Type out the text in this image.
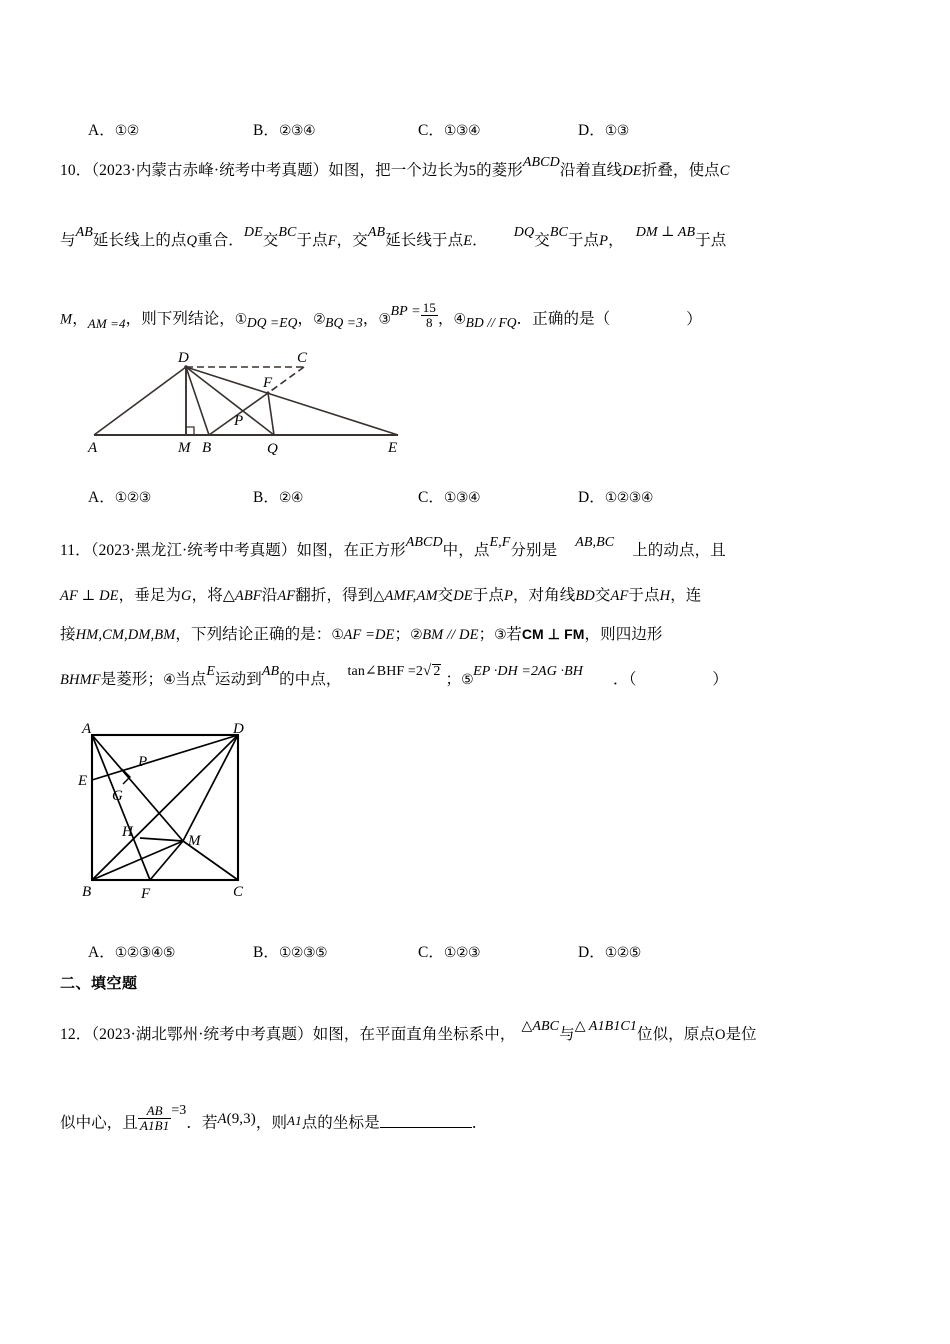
A．①②	B．②③④	C．①③④	D．①③
10．（2023·内蒙古赤峰·统考中考真题）如图，把一个边长为5的菱形ABCD沿着直线DE折叠，使点C
与AB延长线上的点Q重合．DE交BC于点F，交AB延长线于点E． DQ交BC于点P， DM ⊥ AB于点
M，$_{AM =4}$，则下列结论，①DQ =EQ，②BQ =3，③BP = $\frac{15}{8}$ ，④BD // FQ．正确的是（	）
A	M B	Q	E
D	C
F
P
A．①②③	B．②④	C．①③④	D．①②③④
11．（2023·黑龙江·统考中考真题）如图，在正方形ABCD中，点E,F分别是 AB,BC 上的动点，且
AF ⊥ DE，垂足为G，将△ABF沿AF翻折，得到△AMF,AM交DE于点P，对角线BD交AF于点H，连
接HM,CM,DM,BM，下列结论正确的是：①AF =DE；②BM // DE；③若CM ⊥ FM，则四边形
BHMF是菱形；④当点E运动到AB的中点， tan∠BHF =2√ 2 ；⑤EP ·DH =2AG ·BH ．（	）
A	D
P
E
G
H
M
B	F	C
A．①②③④⑤	B．①②③⑤	C．①②③	D．①②⑤
二、填空题
12．（2023·湖北鄂州·统考中考真题）如图，在平面直角坐标系中， △ABC与△ A1B1C1位似，原点O是位
似中心，且 $\frac{AB}{A1B1} =3$．若A(9,3)，则A1点的坐标是	．
